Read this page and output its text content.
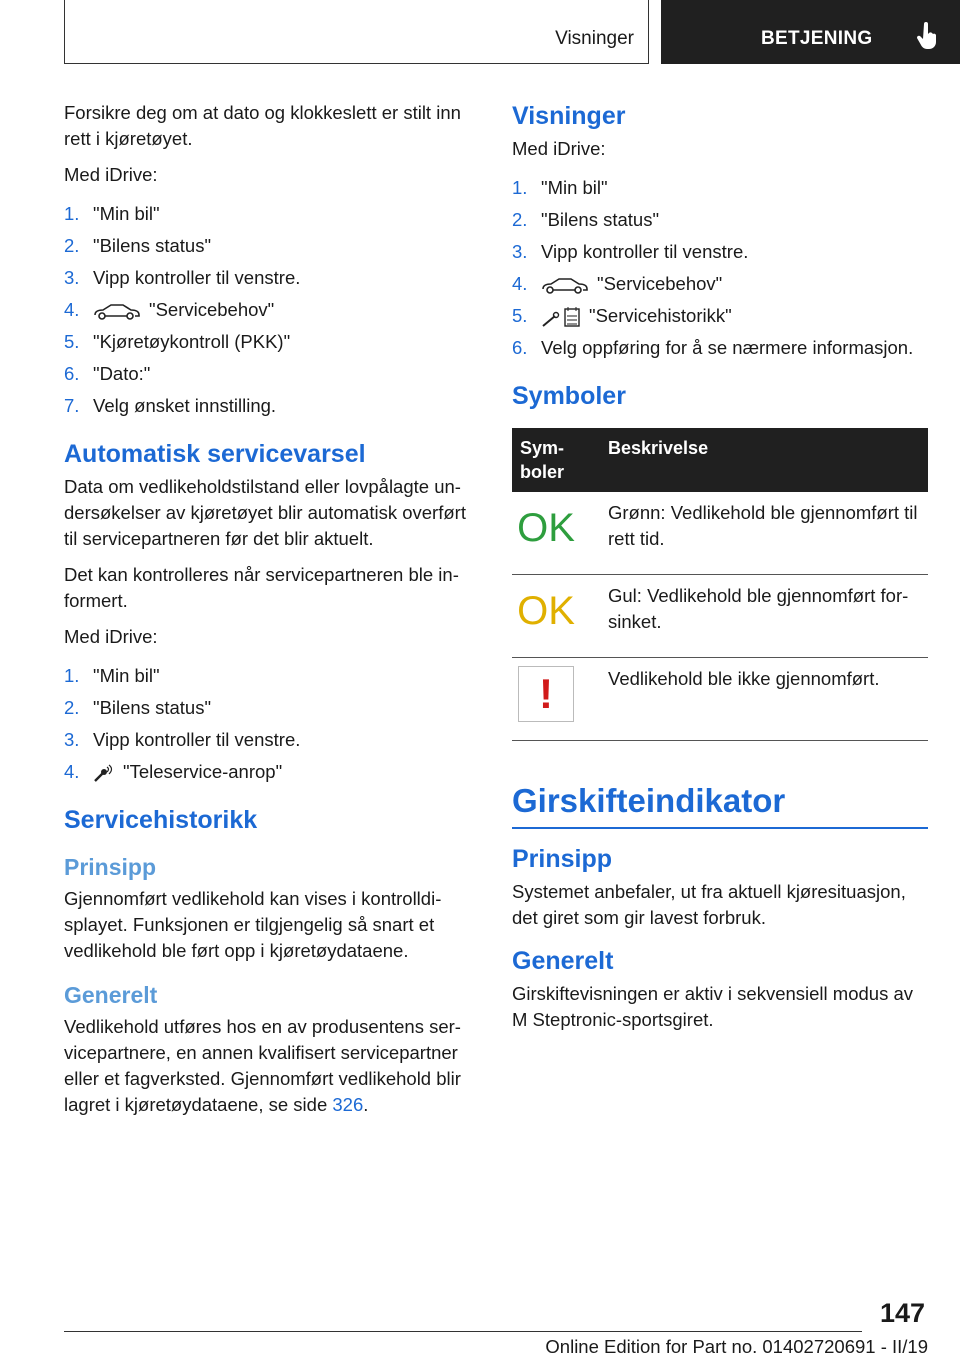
Visninger	BETJENING

Forsikre deg om at dato og klokkeslett er stilt inn rett i kjøretøyet.

Med iDrive:

1. "Min bil"
2. "Bilens status"
3. Vipp kontroller til venstre.
4.	"Servicebehov"
5. "Kjøretøykontroll (PKK)"
6. "Dato:"
7. Velg ønsket innstilling.
Automatisk servicevarsel

Data om vedlikeholdstilstand eller lovpålagte undersøkelser av kjøretøyet blir automatisk overført til servicepartneren før det blir aktuelt.

Det kan kontrolleres når servicepartneren ble informert.

Med iDrive:

1. "Min bil"
2. "Bilens status"
3. Vipp kontroller til venstre.
4. "Teleservice-anrop"
Servicehistorikk
Prinsipp

Gjennomført vedlikehold kan vises i kontrolldisplayet. Funksjonen er tilgjengelig så snart et vedlikehold ble ført opp i kjøretøydataene.

Generelt

Vedlikehold utføres hos en av produsentens servicepartnere, en annen kvalifisert servicepartner eller et fagverksted. Gjennomført vedlikehold blir lagret i kjøretøydataene, se side 326.

Visninger

Med iDrive:

1. "Min bil"
2. "Bilens status"
3. Vipp kontroller til venstre.
4.	"Servicebehov"
5.	"Servicehistorikk"
6. Velg oppføring for å se nærmere informasjon.
Symboler
Symboler	Beskrivelse

OK	Grønn: Vedlikehold ble gjennomført til rett tid.

OK	Gul: Vedlikehold ble gjennomført forsinket.

!	Vedlikehold ble ikke gjennomført.
Girskifteindikator
Prinsipp

Systemet anbefaler, ut fra aktuell kjøresituasjon, det giret som gir lavest forbruk.

Generelt

Girskiftevisningen er aktiv i sekvensiell modus av M Steptronic-sportsgiret.

147
Online Edition for Part no. 01402720691 - II/19
